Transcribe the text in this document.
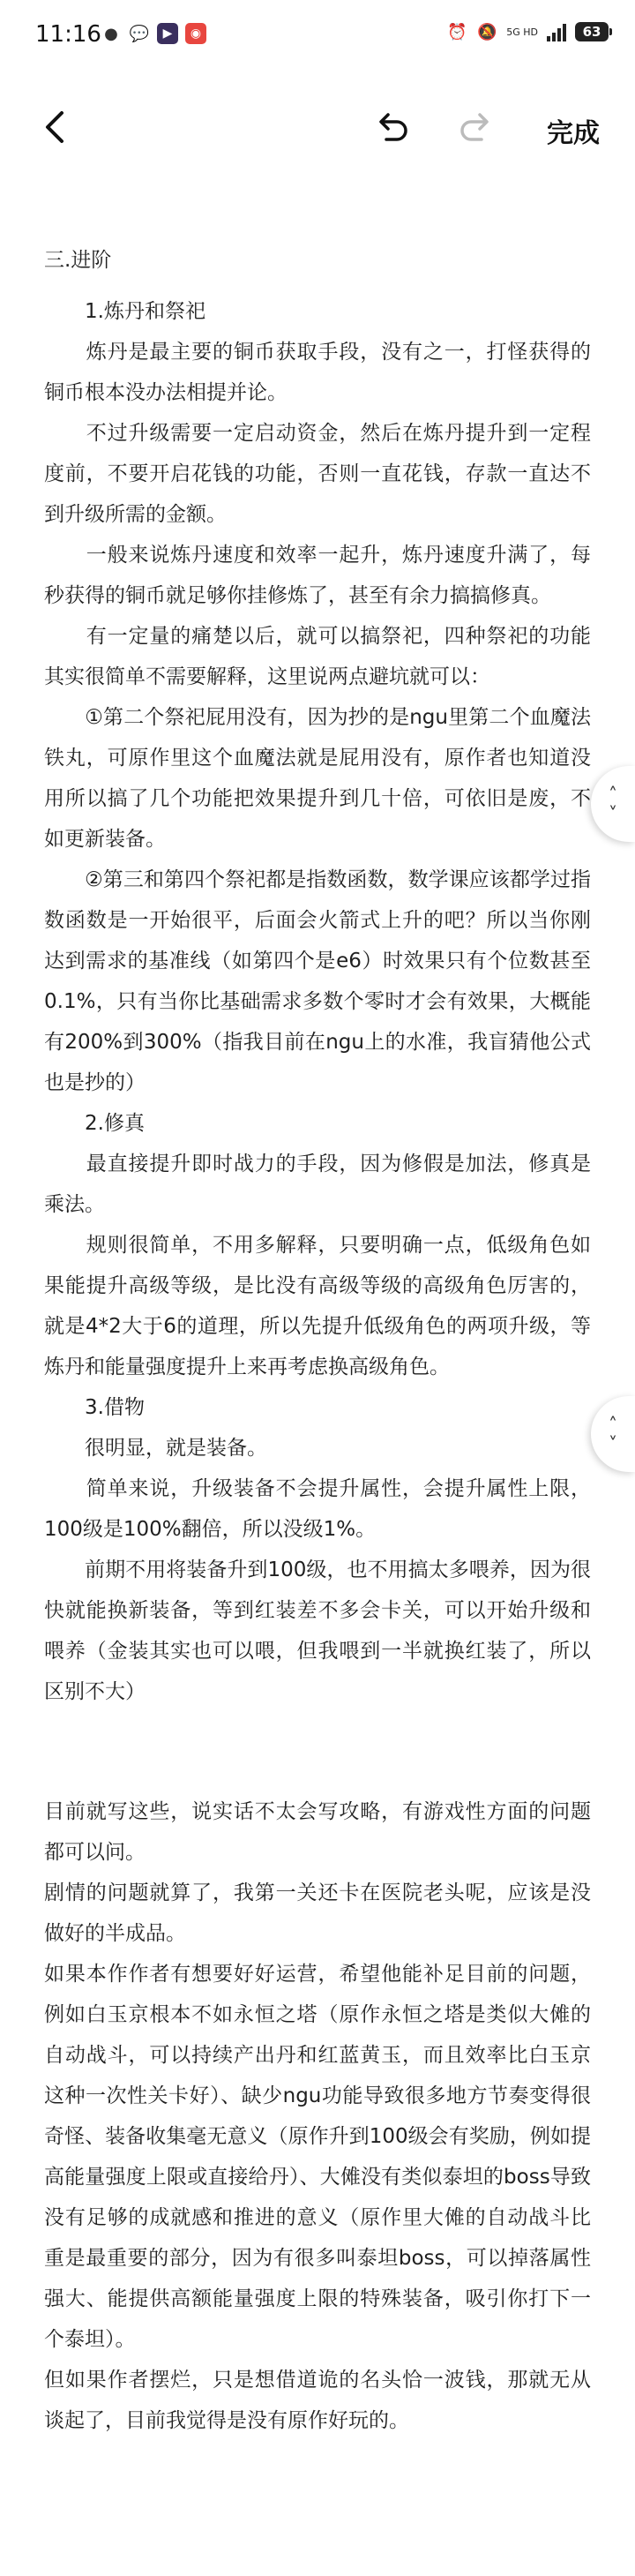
11:16 ● 💬	▶	◉	⏰ 🔕 5G HD	63
完成

三.进阶

　　1.炼丹和祭祀

　　炼丹是最主要的铜币获取手段，没有之一，打怪获得的铜币根本没办法相提并论。

　　不过升级需要一定启动资金，然后在炼丹提升到一定程度前，不要开启花钱的功能，否则一直花钱，存款一直达不到升级所需的金额。

　　一般来说炼丹速度和效率一起升，炼丹速度升满了，每秒获得的铜币就足够你挂修炼了，甚至有余力搞搞修真。

　　有一定量的痛楚以后，就可以搞祭祀，四种祭祀的功能其实很简单不需要解释，这里说两点避坑就可以：

　　①第二个祭祀屁用没有，因为抄的是ngu里第二个血魔法铁丸，可原作里这个血魔法就是屁用没有，原作者也知道没用所以搞了几个功能把效果提升到几十倍，可依旧是废，不如更新装备。

　　②第三和第四个祭祀都是指数函数，数学课应该都学过指数函数是一开始很平，后面会火箭式上升的吧？所以当你刚达到需求的基准线（如第四个是e6）时效果只有个位数甚至0.1%，只有当你比基础需求多数个零时才会有效果，大概能有200%到300%（指我目前在ngu上的水准，我盲猜他公式也是抄的）

　　2.修真

　　最直接提升即时战力的手段，因为修假是加法，修真是乘法。

　　规则很简单，不用多解释，只要明确一点，低级角色如果能提升高级等级，是比没有高级等级的高级角色厉害的，就是4*2大于6的道理，所以先提升低级角色的两项升级，等炼丹和能量强度提升上来再考虑换高级角色。

　　3.借物

　　很明显，就是装备。

　　简单来说，升级装备不会提升属性，会提升属性上限，100级是100%翻倍，所以没级1%。

　　前期不用将装备升到100级，也不用搞太多喂养，因为很快就能换新装备，等到红装差不多会卡关，可以开始升级和喂养（金装其实也可以喂，但我喂到一半就换红装了，所以区别不大）

目前就写这些，说实话不太会写攻略，有游戏性方面的问题都可以问。

剧情的问题就算了，我第一关还卡在医院老头呢，应该是没做好的半成品。

如果本作作者有想要好好运营，希望他能补足目前的问题，例如白玉京根本不如永恒之塔（原作永恒之塔是类似大傩的自动战斗，可以持续产出丹和红蓝黄玉，而且效率比白玉京这种一次性关卡好）、缺少ngu功能导致很多地方节奏变得很奇怪、装备收集毫无意义（原作升到100级会有奖励，例如提高能量强度上限或直接给丹）、大傩没有类似泰坦的boss导致没有足够的成就感和推进的意义（原作里大傩的自动战斗比重是最重要的部分，因为有很多叫泰坦boss，可以掉落属性强大、能提供高额能量强度上限的特殊装备，吸引你打下一个泰坦）。

但如果作者摆烂，只是想借道诡的名头恰一波钱，那就无从谈起了，目前我觉得是没有原作好玩的。

˄
˅
˄
˅
